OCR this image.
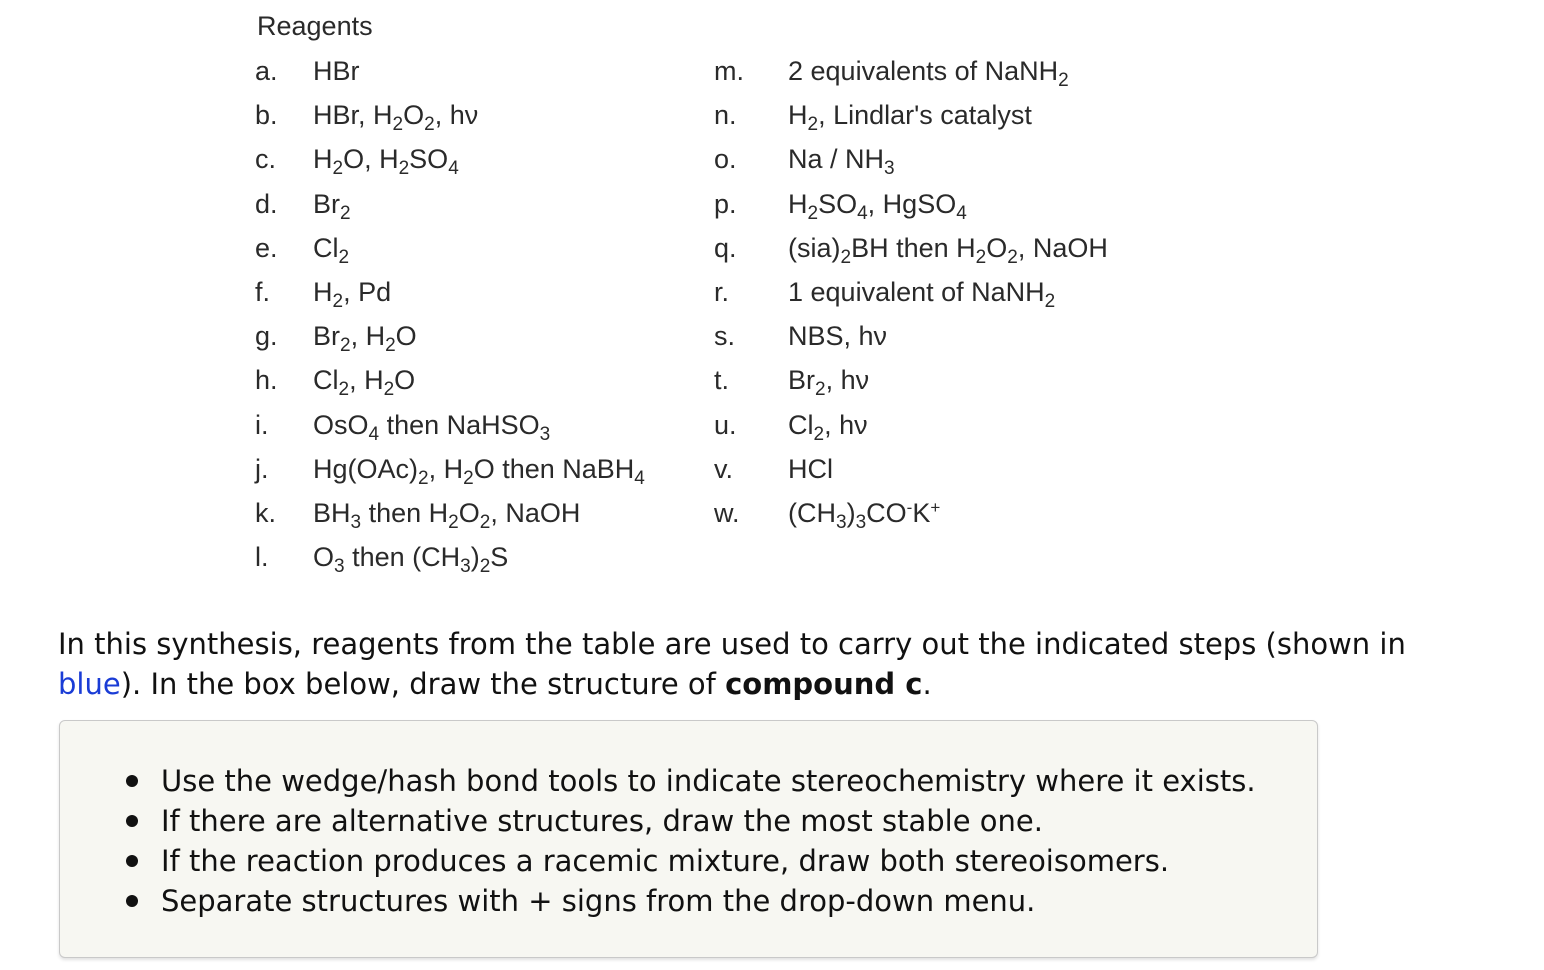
Reagents
a. HBr
b. HBr, $H_2O_2$, hν
c. $H_2O$, $H_2SO_4$
d. $Br_2$
e. $Cl_2$
f. $H_2$, Pd
g. $Br_2$, $H_2O$
h. $Cl_2$, $H_2O$
i. OsO$_4$ then NaHSO$_3$
j. $Hg(OAc)_2$, $H_2O$ then NaBH$_4$
k. $BH_3$ then $H_2O_2$, NaOH
l. $O_3$ then $(CH_3)_2S$
m. 2 equivalents of NaNH$_2$
n. $H_2$, Lindlar's catalyst
o. Na / $NH_3$
p. $H_2SO_4$, HgSO$_4$
q. $(sia)_2BH$ then $H_2O_2$, NaOH
r. 1 equivalent of NaNH$_2$
s. NBS, hν
t. $Br_2$, hν
u. $Cl_2$, hν
v. HCl
w. $(CH_3)_3CO^-K^+$
In this synthesis, reagents from the table are used to carry out the indicated steps (shown in blue). In the box below, draw the structure of compound c.
Use the wedge/hash bond tools to indicate stereochemistry where it exists.
If there are alternative structures, draw the most stable one.
If the reaction produces a racemic mixture, draw both stereoisomers.
Separate structures with + signs from the drop-down menu.
